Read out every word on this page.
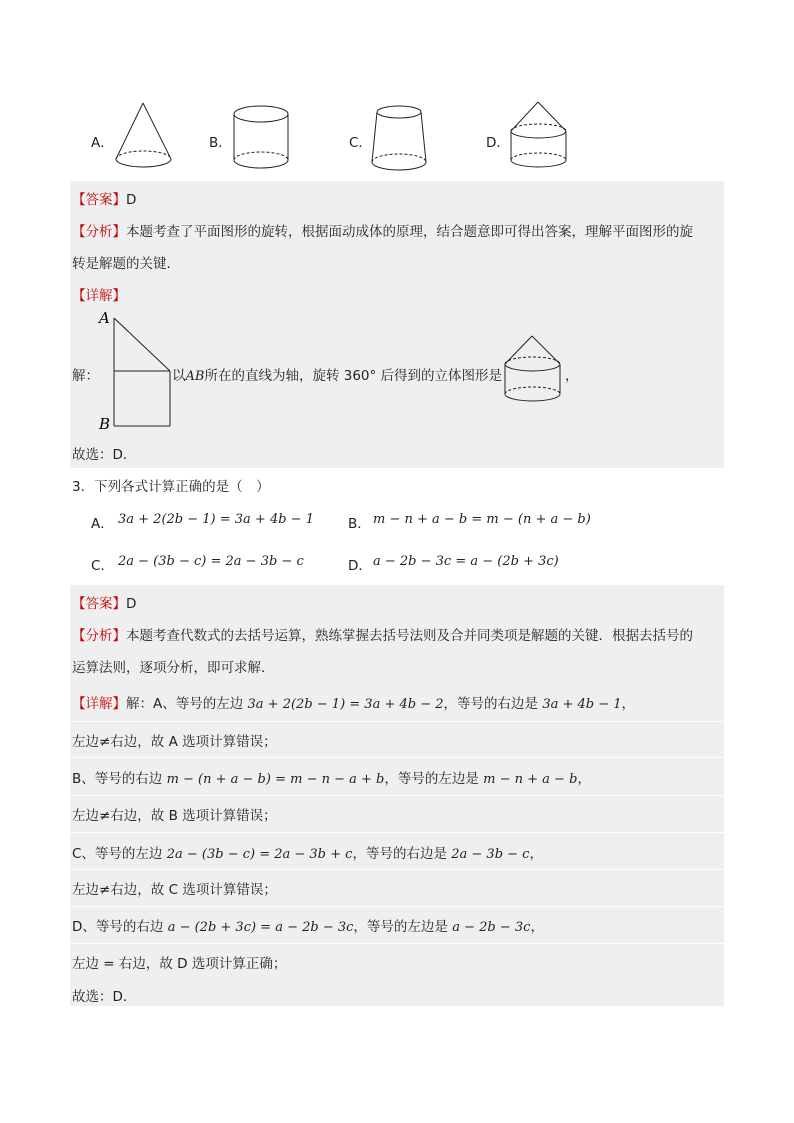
A．	B．	C．	D．
【答案】D
【分析】本题考查了平面图形的旋转，根据面动成体的原理，结合题意即可得出答案，理解平面图形的旋
转是解题的关键．
【详解】
解：
A
B
以AB所在的直线为轴，旋转 360° 后得到的立体图形是	，
故选：D．
3．下列各式计算正确的是（　）
A． 3a + 2(2b − 1) = 3a + 4b − 1	B． m − n + a − b = m − (n + a − b)
C． 2a − (3b − c) = 2a − 3b − c	D． a − 2b − 3c = a − (2b + 3c)
【答案】D
【分析】本题考查代数式的去括号运算，熟练掌握去括号法则及合并同类项是解题的关键．根据去括号的
运算法则，逐项分析，即可求解．
【详解】解：A、等号的左边 3a + 2(2b − 1) = 3a + 4b − 2，等号的右边是 3a + 4b − 1，
左边≠右边，故 A 选项计算错误；
B、等号的右边 m − (n + a − b) = m − n − a + b，等号的左边是 m − n + a − b，
左边≠右边，故 B 选项计算错误；
C、等号的左边 2a − (3b − c) = 2a − 3b + c，等号的右边是 2a − 3b − c，
左边≠右边，故 C 选项计算错误；
D、等号的右边 a − (2b + 3c) = a − 2b − 3c，等号的左边是 a − 2b − 3c，
左边 = 右边，故 D 选项计算正确；
故选：D．
